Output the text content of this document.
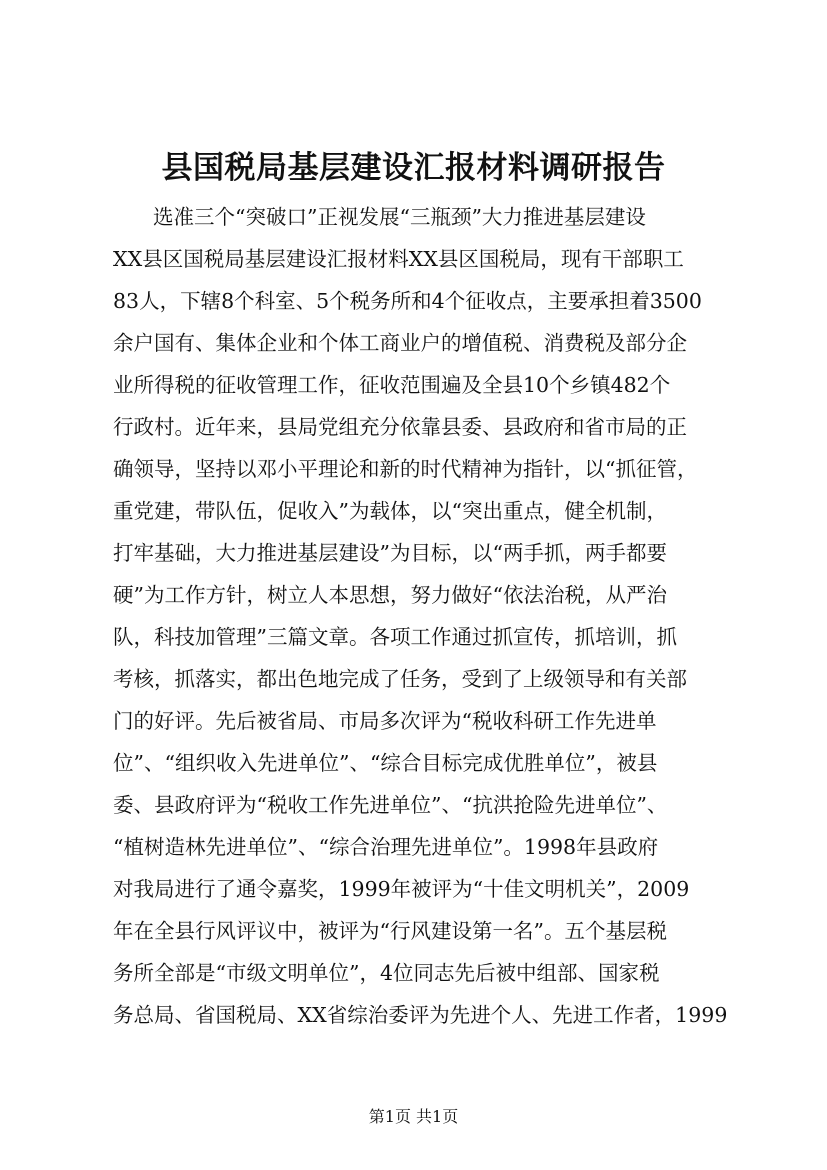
县国税局基层建设汇报材料调研报告
选准三个“突破口”正视发展“三瓶颈”大力推进基层建设
XX县区国税局基层建设汇报材料XX县区国税局，现有干部职工
83人，下辖8个科室、5个税务所和4个征收点，主要承担着3500
余户国有、集体企业和个体工商业户的增值税、消费税及部分企
业所得税的征收管理工作，征收范围遍及全县10个乡镇482个
行政村。近年来，县局党组充分依靠县委、县政府和省市局的正
确领导，坚持以邓小平理论和新的时代精神为指针，以“抓征管，
重党建，带队伍，促收入”为载体，以“突出重点，健全机制，
打牢基础，大力推进基层建设”为目标，以“两手抓，两手都要
硬”为工作方针，树立人本思想，努力做好“依法治税，从严治
队，科技加管理”三篇文章。各项工作通过抓宣传，抓培训，抓
考核，抓落实，都出色地完成了任务，受到了上级领导和有关部
门的好评。先后被省局、市局多次评为“税收科研工作先进单
位”、“组织收入先进单位”、“综合目标完成优胜单位”，被县
委、县政府评为“税收工作先进单位”、“抗洪抢险先进单位”、
“植树造林先进单位”、“综合治理先进单位”。1998年县政府
对我局进行了通令嘉奖，1999年被评为“十佳文明机关”，2009
年在全县行风评议中，被评为“行风建设第一名”。五个基层税
务所全部是“市级文明单位”，4位同志先后被中组部、国家税
务总局、省国税局、XX省综治委评为先进个人、先进工作者，1999
第1页 共1页
